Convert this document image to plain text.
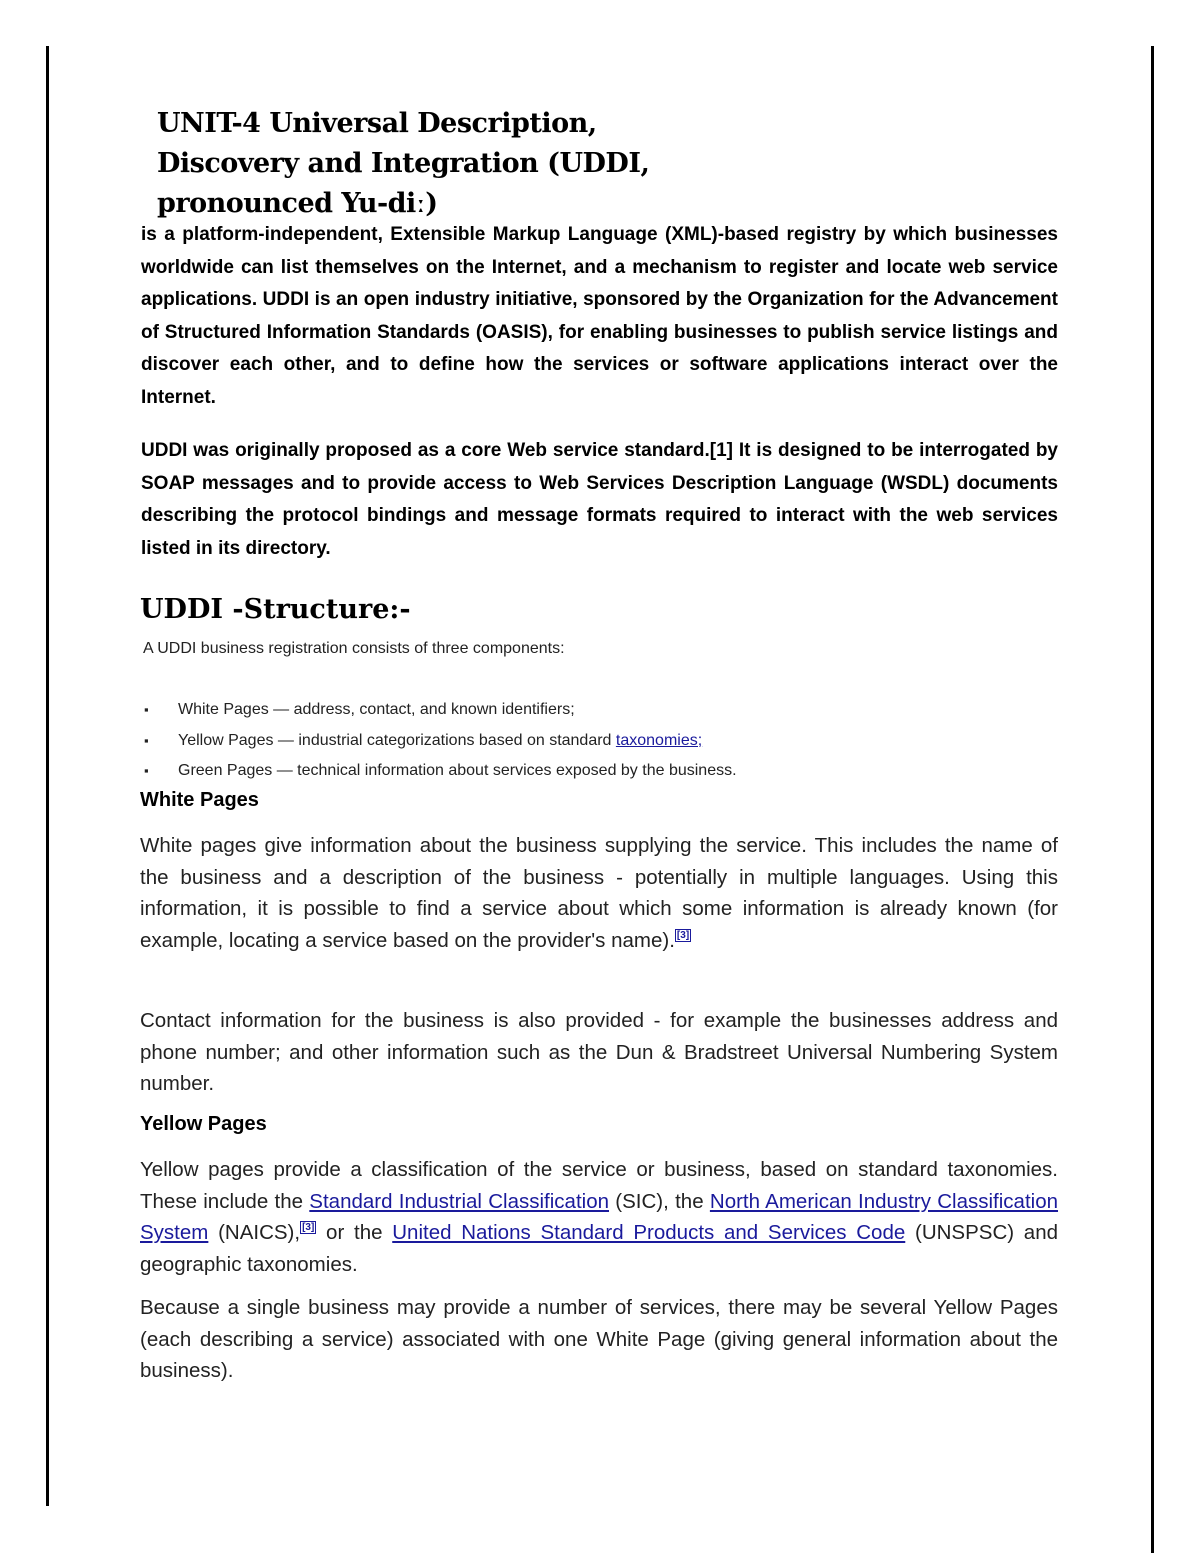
UNIT-4 Universal Description,
Discovery and Integration (UDDI,
pronounced Yu-diː)

is a platform-independent, Extensible Markup Language (XML)-based registry by which businesses worldwide can list themselves on the Internet, and a mechanism to register and locate web service applications. UDDI is an open industry initiative, sponsored by the Organization for the Advancement of Structured Information Standards (OASIS), for enabling businesses to publish service listings and discover each other, and to define how the services or software applications interact over the Internet.

UDDI was originally proposed as a core Web service standard.[1] It is designed to be interrogated by SOAP messages and to provide access to Web Services Description Language (WSDL) documents describing the protocol bindings and message formats required to interact with the web services listed in its directory.

UDDI -Structure:-

A UDDI business registration consists of three components:

▪ White Pages — address, contact, and known identifiers;
▪ Yellow Pages — industrial categorizations based on standard taxonomies;
▪ Green Pages — technical information about services exposed by the business.
White Pages

White pages give information about the business supplying the service. This includes the name of the business and a description of the business - potentially in multiple languages. Using this information, it is possible to find a service about which some information is already known (for example, locating a service based on the provider's name). [3]

Contact information for the business is also provided - for example the businesses address and phone number; and other information such as the Dun & Bradstreet Universal Numbering System number.

Yellow Pages

Yellow pages provide a classification of the service or business, based on standard taxonomies. These include the Standard Industrial Classification (SIC), the North American Industry Classification System (NAICS), [3] or the United Nations Standard Products and Services Code (UNSPSC) and geographic taxonomies.

Because a single business may provide a number of services, there may be several Yellow Pages (each describing a service) associated with one White Page (giving general information about the business).
